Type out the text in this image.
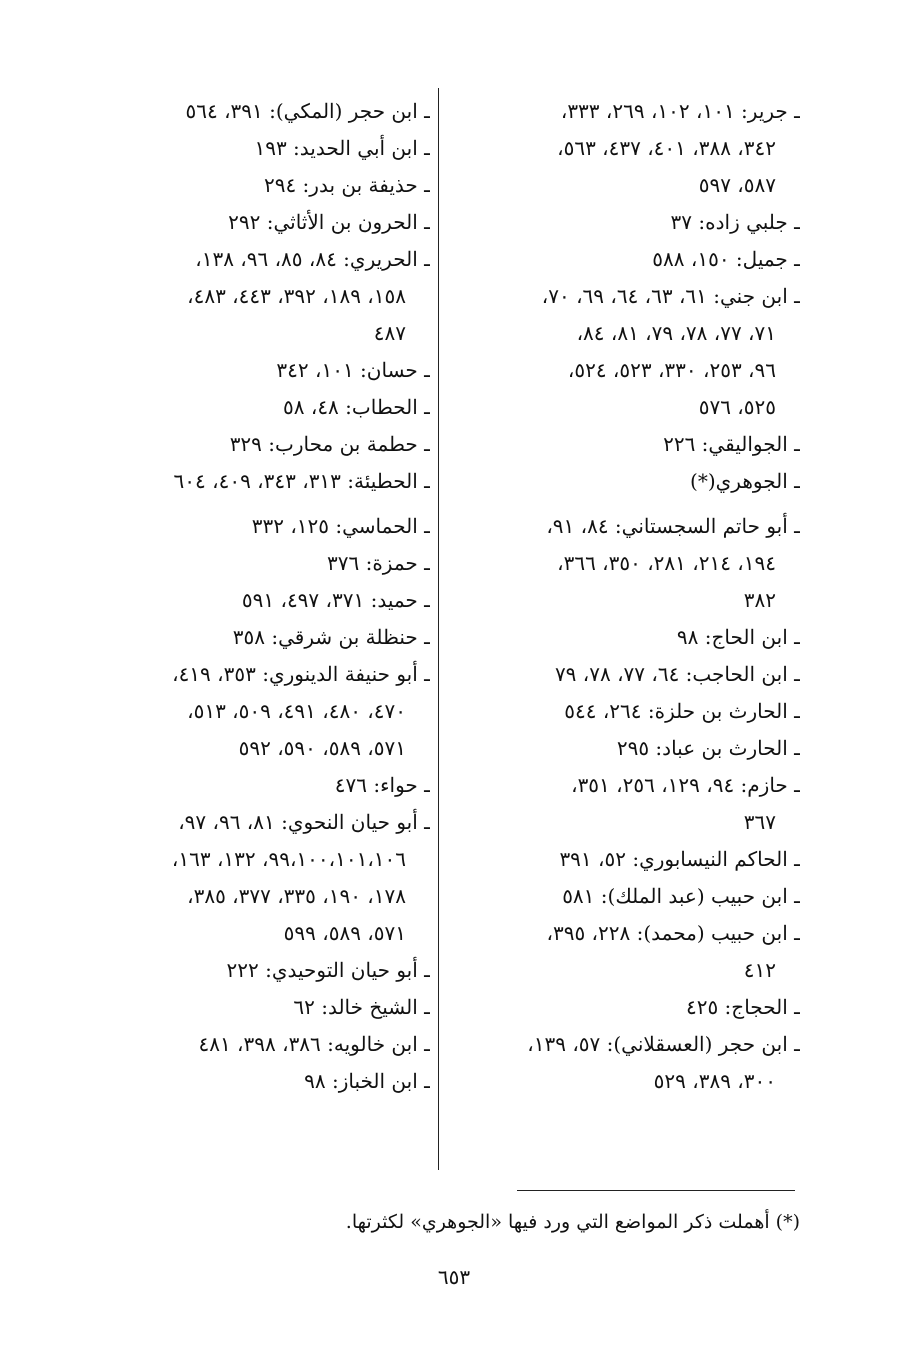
ـ جرير: ١٠١، ١٠٢، ٢٦٩، ٣٣٣،
٣٤٢، ٣٨٨، ٤٠١، ٤٣٧، ٥٦٣،
٥٨٧، ٥٩٧
ـ جلبي زاده: ٣٧
ـ جميل: ١٥٠، ٥٨٨
ـ ابن جني: ٦١، ٦٣، ٦٤، ٦٩، ٧٠،
٧١، ٧٧، ٧٨، ٧٩، ٨١، ٨٤،
٩٦، ٢٥٣، ٣٣٠، ٥٢٣، ٥٢٤،
٥٢٥، ٥٧٦
ـ الجواليقي: ٢٢٦
ـ الجوهري(*)
ـ أبو حاتم السجستاني: ٨٤، ٩١،
١٩٤، ٢١٤، ٢٨١، ٣٥٠، ٣٦٦،
٣٨٢
ـ ابن الحاج: ٩٨
ـ ابن الحاجب: ٦٤، ٧٧، ٧٨، ٧٩
ـ الحارث بن حلزة: ٢٦٤، ٥٤٤
ـ الحارث بن عباد: ٢٩٥
ـ حازم: ٩٤، ١٢٩، ٢٥٦، ٣٥١،
٣٦٧
ـ الحاكم النيسابوري: ٥٢، ٣٩١
ـ ابن حبيب (عبد الملك): ٥٨١
ـ ابن حبيب (محمد): ٢٢٨، ٣٩٥،
٤١٢
ـ الحجاج: ٤٢٥
ـ ابن حجر (العسقلاني): ٥٧، ١٣٩،
٣٠٠، ٣٨٩، ٥٢٩
ـ ابن حجر (المكي): ٣٩١، ٥٦٤
ـ ابن أبي الحديد: ١٩٣
ـ حذيفة بن بدر: ٢٩٤
ـ الحرون بن الأثاثي: ٢٩٢
ـ الحريري: ٨٤، ٨٥، ٩٦، ١٣٨،
١٥٨، ١٨٩، ٣٩٢، ٤٤٣، ٤٨٣،
٤٨٧
ـ حسان: ١٠١، ٣٤٢
ـ الحطاب: ٤٨، ٥٨
ـ حطمة بن محارب: ٣٢٩
ـ الحطيئة: ٣١٣، ٣٤٣، ٤٠٩، ٦٠٤
ـ الحماسي: ١٢٥، ٣٣٢
ـ حمزة: ٣٧٦
ـ حميد: ٣٧١، ٤٩٧، ٥٩١
ـ حنظلة بن شرقي: ٣٥٨
ـ أبو حنيفة الدينوري: ٣٥٣، ٤١٩،
٤٧٠، ٤٨٠، ٤٩١، ٥٠٩، ٥١٣،
٥٧١، ٥٨٩، ٥٩٠، ٥٩٢
ـ حواء: ٤٧٦
ـ أبو حيان النحوي: ٨١، ٩٦، ٩٧،
٩٩،١٠٠،١٠١،١٠٦، ١٣٢، ١٦٣،
١٧٨، ١٩٠، ٣٣٥، ٣٧٧، ٣٨٥،
٥٧١، ٥٨٩، ٥٩٩
ـ أبو حيان التوحيدي: ٢٢٢
ـ الشيخ خالد: ٦٢
ـ ابن خالويه: ٣٨٦، ٣٩٨، ٤٨١
ـ ابن الخباز: ٩٨
(*) أهملت ذكر المواضع التي ورد فيها «الجوهري» لكثرتها.
٦٥٣
